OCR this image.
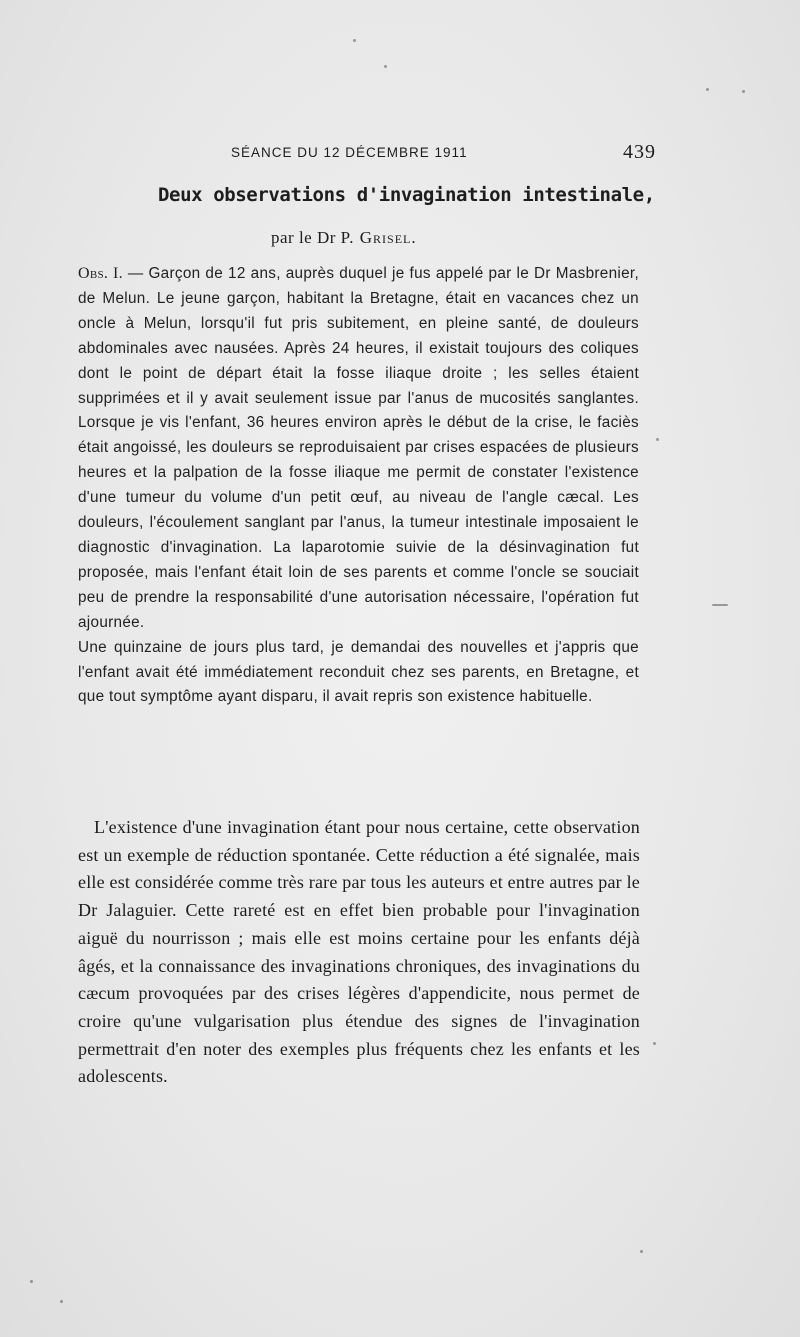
SÉANCE DU 12 DÉCEMBRE 1911	439
Deux observations d'invagination intestinale,
par le Dr P. Grisel.

Obs. I. — Garçon de 12 ans, auprès duquel je fus appelé par le Dr Masbrenier, de Melun. Le jeune garçon, habitant la Bretagne, était en vacances chez un oncle à Melun, lorsqu'il fut pris subitement, en pleine santé, de douleurs abdominales avec nausées. Après 24 heures, il existait toujours des coliques dont le point de départ était la fosse iliaque droite ; les selles étaient supprimées et il y avait seulement issue par l'anus de mucosités sanglantes. Lorsque je vis l'enfant, 36 heures environ après le début de la crise, le faciès était angoissé, les douleurs se reproduisaient par crises espacées de plusieurs heures et la palpation de la fosse iliaque me permit de constater l'existence d'une tumeur du volume d'un petit œuf, au niveau de l'angle cæcal. Les douleurs, l'écoulement sanglant par l'anus, la tumeur intestinale imposaient le diagnostic d'invagination. La laparotomie suivie de la désinvagination fut proposée, mais l'enfant était loin de ses parents et comme l'oncle se souciait peu de prendre la responsabilité d'une autorisation nécessaire, l'opération fut ajournée.

Une quinzaine de jours plus tard, je demandai des nouvelles et j'appris que l'enfant avait été immédiatement reconduit chez ses parents, en Bretagne, et que tout symptôme ayant disparu, il avait repris son existence habituelle.

L'existence d'une invagination étant pour nous certaine, cette observation est un exemple de réduction spontanée. Cette réduction a été signalée, mais elle est considérée comme très rare par tous les auteurs et entre autres par le Dr Jalaguier. Cette rareté est en effet bien probable pour l'invagination aiguë du nourrisson ; mais elle est moins certaine pour les enfants déjà âgés, et la connaissance des invaginations chroniques, des invaginations du cæcum provoquées par des crises légères d'appendicite, nous permet de croire qu'une vulgarisation plus étendue des signes de l'invagination permettrait d'en noter des exemples plus fréquents chez les enfants et les adolescents.
